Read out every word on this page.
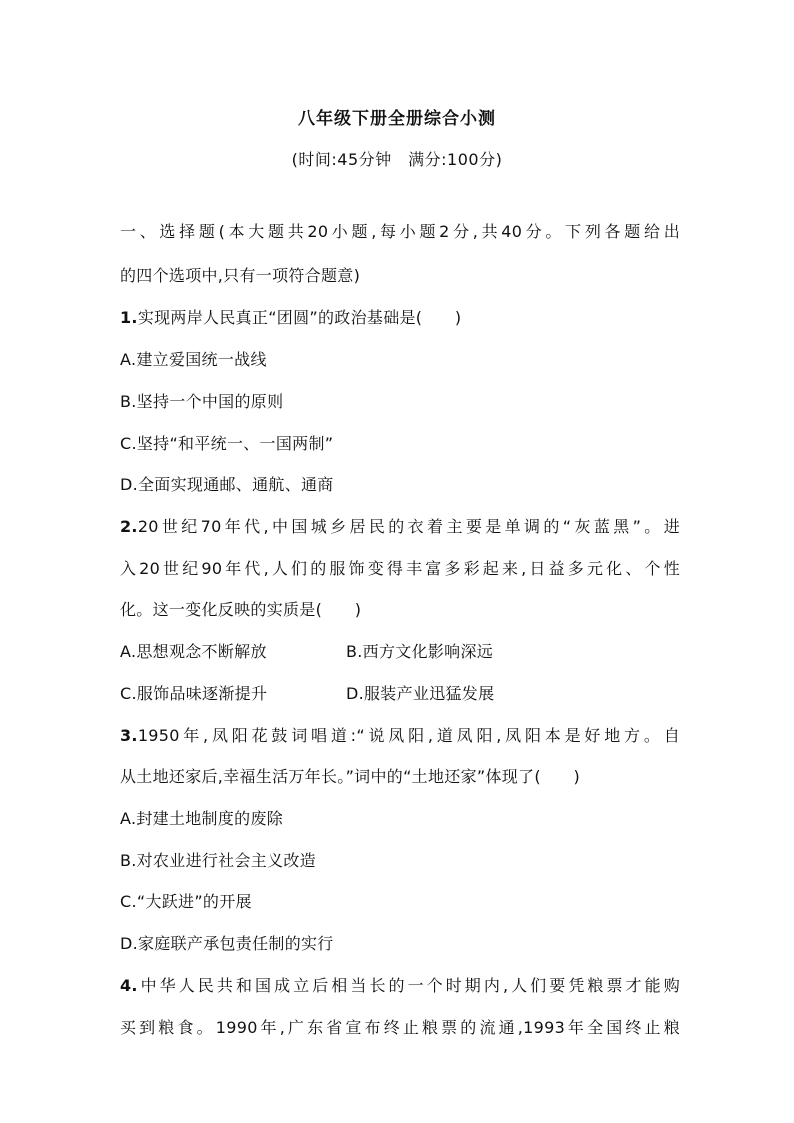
八年级下册全册综合小测
(时间:45分钟　满分:100分)
一、选择题(本大题共20小题,每小题2分,共40分。下列各题给出
的四个选项中,只有一项符合题意)
1.实现两岸人民真正“团圆”的政治基础是(　　)
A.建立爱国统一战线
B.坚持一个中国的原则
C.坚持“和平统一、一国两制”
D.全面实现通邮、通航、通商
2.20世纪70年代,中国城乡居民的衣着主要是单调的“灰蓝黑”。进
入20世纪90年代,人们的服饰变得丰富多彩起来,日益多元化、个性
化。这一变化反映的实质是(　　)
A.思想观念不断解放	B.西方文化影响深远
C.服饰品味逐渐提升	D.服装产业迅猛发展
3.1950年,凤阳花鼓词唱道:“说凤阳,道凤阳,凤阳本是好地方。自
从土地还家后,幸福生活万年长。”词中的“土地还家”体现了(　　)
A.封建土地制度的废除
B.对农业进行社会主义改造
C.“大跃进”的开展
D.家庭联产承包责任制的实行
4.中华人民共和国成立后相当长的一个时期内,人们要凭粮票才能购
买到粮食。1990年,广东省宣布终止粮票的流通,1993年全国终止粮
